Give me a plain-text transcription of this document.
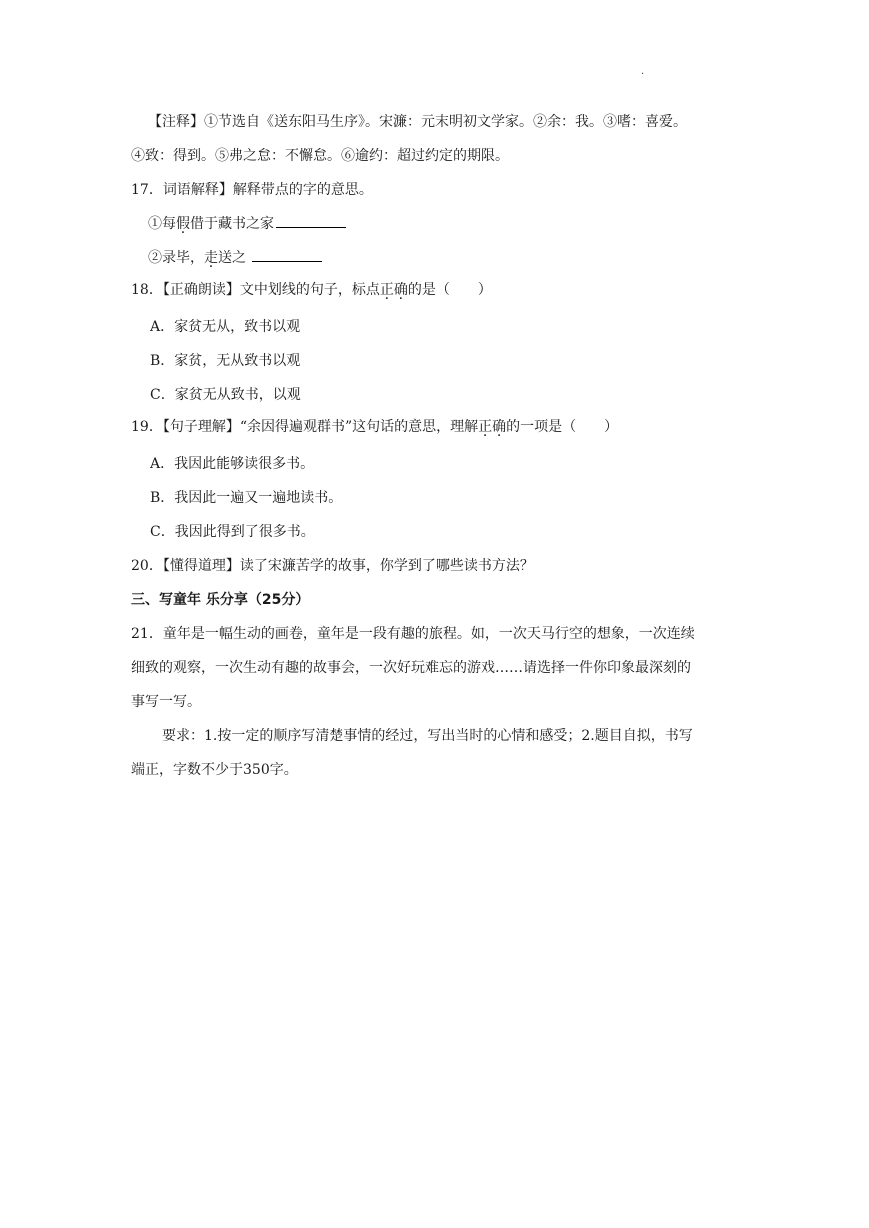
.
【注释】①节选自《送东阳马生序》。宋濂：元末明初文学家。②余：我。③嗜：喜爱。
④致：得到。⑤弗之怠：不懈怠。⑥逾约：超过约定的期限。
17．词语解释】解释带点的字的意思。
①每假借于藏书之家
②录毕，走送之
18．【正确朗读】文中划线的句子，标点正确的是（　　）
A．家贫无从，致书以观
B．家贫，无从致书以观
C．家贫无从致书，以观
19．【句子理解】“余因得遍观群书”这句话的意思，理解正确的一项是（　　）
A．我因此能够读很多书。
B．我因此一遍又一遍地读书。
C．我因此得到了很多书。
20．【懂得道理】读了宋濂苦学的故事，你学到了哪些读书方法？
三、写童年 乐分享（25分）
21．童年是一幅生动的画卷，童年是一段有趣的旅程。如，一次天马行空的想象，一次连续
细致的观察，一次生动有趣的故事会，一次好玩难忘的游戏……请选择一件你印象最深刻的
事写一写。
要求：1.按一定的顺序写清楚事情的经过，写出当时的心情和感受；2.题目自拟，书写
端正，字数不少于350字。
